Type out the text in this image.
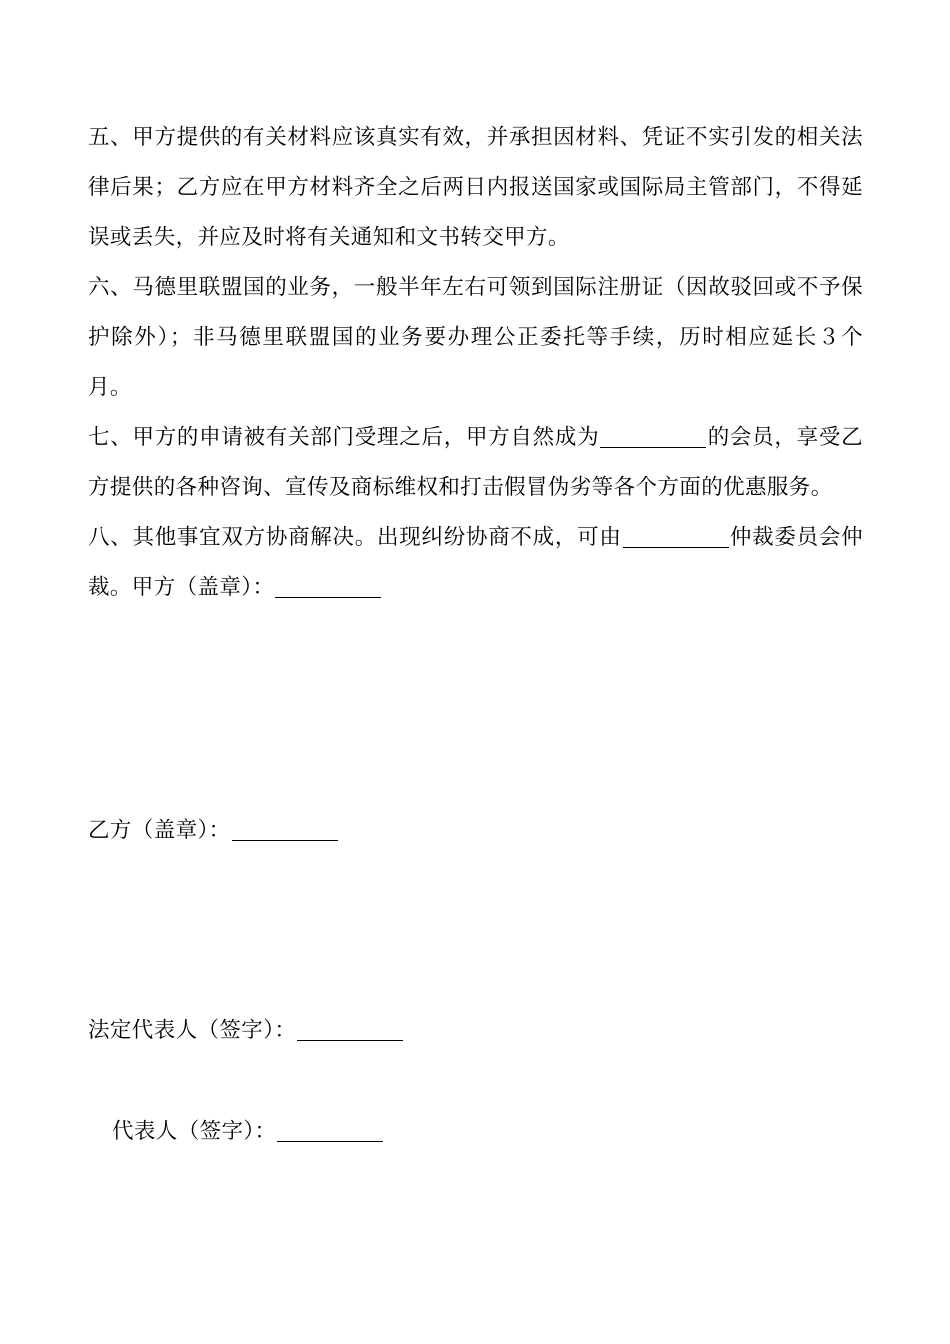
五、甲方提供的有关材料应该真实有效，并承担因材料、凭证不实引发的相关法律后果；乙方应在甲方材料齐全之后两日内报送国家或国际局主管部门，不得延误或丢失，并应及时将有关通知和文书转交甲方。

六、马德里联盟国的业务，一般半年左右可领到国际注册证（因故驳回或不予保护除外）；非马德里联盟国的业务要办理公正委托等手续，历时相应延长３个月。

七、甲方的申请被有关部门受理之后，甲方自然成为	的会员，享受乙方提供的各种咨询、宣传及商标维权和打击假冒伪劣等各个方面的优惠服务。

八、其他事宜双方协商解决。出现纠纷协商不成，可由	仲裁委员会仲裁。甲方（盖章）：

乙方（盖章）：
法定代表人（签字）：
代表人（签字）：
